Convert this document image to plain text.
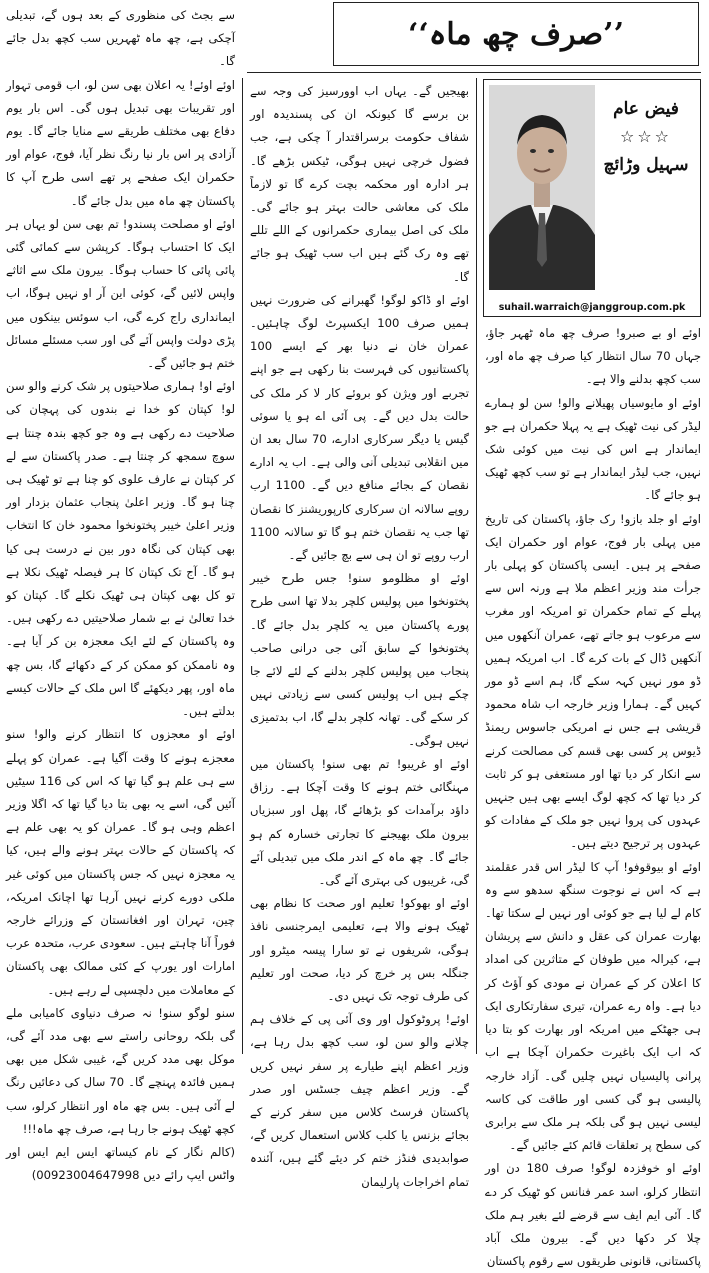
’’صرف چھ ماہ‘‘
فیض عام
☆☆☆
سہیل وڑائچ
suhail.warraich@janggroup.com.pk

اوئے او بے صبرو! صرف چھ ماہ ٹھہر جاؤ، جہاں 70 سال انتظار کیا صرف چھ ماہ اور، سب کچھ بدلنے والا ہے۔

اوئے او مایوسیاں پھیلانے والو! سن لو ہمارے لیڈر کی نیت ٹھیک ہے یہ پہلا حکمران ہے جو ایماندار ہے اس کی نیت میں کوئی شک نہیں، جب لیڈر ایماندار ہے تو سب کچھ ٹھیک ہو جائے گا۔

اوئے او جلد بازو! رک جاؤ، پاکستان کی تاریخ میں پہلی بار فوج، عوام اور حکمران ایک صفحے پر ہیں۔ ایسی پاکستان کو پہلی بار جرأت مند وزیر اعظم ملا ہے ورنہ اس سے پہلے کے تمام حکمران تو امریکہ اور مغرب سے مرعوب ہو جاتے تھے، عمران آنکھوں میں آنکھیں ڈال کے بات کرے گا۔ اب امریکہ ہمیں ڈو مور نہیں کہہ سکے گا، ہم اسے ڈو مور کہیں گے۔ ہمارا وزیر خارجہ اب شاہ محمود قریشی ہے جس نے امریکی جاسوس ریمنڈ ڈیوس پر کسی بھی قسم کی مصالحت کرنے سے انکار کر دیا تھا اور مستعفی ہو کر ثابت کر دیا تھا کہ کچھ لوگ ایسے بھی ہیں جنہیں عہدوں کی پروا نہیں جو ملک کے مفادات کو عہدوں پر ترجیح دیتے ہیں۔

اوئے او بیوقوفو! آپ کا لیڈر اس قدر عقلمند ہے کہ اس نے نوجوت سنگھ سدھو سے وہ کام لے لیا ہے جو کوئی اور نہیں لے سکتا تھا۔ بھارت عمران کی عقل و دانش سے پریشان ہے، کیرالہ میں طوفان کے متاثرین کی امداد کا اعلان کر کے عمران نے مودی کو آؤٹ کر دیا ہے۔ واہ رے عمران، تیری سفارتکاری ایک ہی جھٹکے میں امریکہ اور بھارت کو بتا دیا کہ اب ایک باغیرت حکمران آچکا ہے اب پرانی پالیسیاں نہیں چلیں گی۔ آزاد خارجہ پالیسی ہو گی کسی اور طاقت کی کاسہ لیسی نہیں ہو گی بلکہ ہر ملک سے برابری کی سطح پر تعلقات قائم کئے جائیں گے۔

اوئے او خوفزدہ لوگو! صرف 180 دن اور انتظار کرلو، اسد عمر فنانس کو ٹھیک کر دے گا۔ آئی ایم ایف سے قرضے لئے بغیر ہم ملک چلا کر دکھا دیں گے۔ بیرون ملک آباد پاکستانی، قانونی طریقوں سے رقوم پاکستان

بھیجیں گے۔ یہاں اب اوورسیز کی وجہ سے بن برسے گا کیونکہ ان کی پسندیدہ اور شفاف حکومت برسراقتدار آ چکی ہے، جب فضول خرچی نہیں ہوگی، ٹیکس بڑھے گا۔ ہر ادارہ اور محکمہ بچت کرے گا تو لازماً ملک کی معاشی حالت بہتر ہو جائے گی۔ ملک کی اصل بیماری حکمرانوں کے اللے تللے تھے وہ رک گئے ہیں اب سب ٹھیک ہو جائے گا۔

اوئے او ڈاکو لوگو! گھبرانے کی ضرورت نہیں ہمیں صرف 100 ایکسپرٹ لوگ چاہئیں۔ عمران خان نے دنیا بھر کے ایسے 100 پاکستانیوں کی فہرست بنا رکھی ہے جو اپنے تجربے اور ویژن کو بروئے کار لا کر ملک کی حالت بدل دیں گے۔ پی آئی اے ہو یا سوئی گیس یا دیگر سرکاری ادارے، 70 سال بعد ان میں انقلابی تبدیلی آنی والی ہے۔ اب یہ ادارے نقصان کے بجائے منافع دیں گے۔ 1100 ارب روپے سالانہ ان سرکاری کارپوریشنز کا نقصان تھا جب یہ نقصان ختم ہو گا تو سالانہ 1100 ارب روپے تو ان ہی سے بچ جائیں گے۔

اوئے او مظلومو سنو! جس طرح خیبر پختونخوا میں پولیس کلچر بدلا تھا اسی طرح پورے پاکستان میں یہ کلچر بدل جائے گا۔ پختونخوا کے سابق آئی جی درانی صاحب پنجاب میں پولیس کلچر بدلنے کے لئے لائے جا چکے ہیں اب پولیس کسی سے زیادتی نہیں کر سکے گی۔ تھانہ کلچر بدلے گا، اب بدتمیزی نہیں ہوگی۔

اوئے او غریبو! تم بھی سنو! پاکستان میں مہنگائی ختم ہونے کا وقت آچکا ہے۔ رزاق داؤد برآمدات کو بڑھائے گا، پھل اور سبزیاں بیرون ملک بھیجنے کا تجارتی خسارہ کم ہو جائے گا۔ چھ ماہ کے اندر ملک میں تبدیلی آئے گی، غریبوں کی بہتری آئے گی۔

اوئے او بھوکو! تعلیم اور صحت کا نظام بھی ٹھیک ہونے والا ہے، تعلیمی ایمرجنسی نافذ ہوگی، شریفوں نے تو سارا پیسہ میٹرو اور جنگلہ بس پر خرچ کر دیا، صحت اور تعلیم کی طرف توجہ تک نہیں دی۔

اوئے! پروٹوکول اور وی آئی پی کے خلاف ہم چلانے والو سن لو، سب کچھ بدل رہا ہے، وزیر اعظم اپنے طیارے پر سفر نہیں کریں گے۔ وزیر اعظم چیف جسٹس اور صدر پاکستان فرسٹ کلاس میں سفر کرنے کے بجائے بزنس یا کلب کلاس استعمال کریں گے، صوابدیدی فنڈز ختم کر دیئے گئے ہیں، آئندہ تمام اخراجات پارلیمان

سے بجٹ کی منظوری کے بعد ہوں گے، تبدیلی آچکی ہے، چھ ماہ ٹھہریں سب کچھ بدل جائے گا۔

اوئے اوئے! یہ اعلان بھی سن لو، اب قومی تہوار اور تقریبات بھی تبدیل ہوں گی۔ اس بار یوم دفاع بھی مختلف طریقے سے منایا جائے گا۔ یوم آزادی پر اس بار نیا رنگ نظر آیا، فوج، عوام اور حکمران ایک صفحے پر تھے اسی طرح آپ کا پاکستان چھ ماہ میں بدل جائے گا۔

اوئے او مصلحت پسندو! تم بھی سن لو یہاں ہر ایک کا احتساب ہوگا۔ کرپشن سے کمائی گئی پائی پائی کا حساب ہوگا۔ بیرون ملک سے اثاثے واپس لائیں گے، کوئی این آر او نہیں ہوگا، اب ایمانداری راج کرے گی، اب سوئس بینکوں میں پڑی دولت واپس آئے گی اور سب مسئلے مسائل ختم ہو جائیں گے۔

اوئے او! ہماری صلاحیتوں پر شک کرنے والو سن لو! کپتان کو خدا نے بندوں کی پہچان کی صلاحیت دے رکھی ہے وہ جو کچھ بندہ چنتا ہے سوچ سمجھ کر چنتا ہے۔ صدر پاکستان سے لے کر کپتان نے عارف علوی کو چنا ہے تو ٹھیک ہی چنا ہو گا۔ وزیر اعلیٰ پنجاب عثمان بزدار اور وزیر اعلیٰ خیبر پختونخوا محمود خان کا انتخاب بھی کپتان کی نگاہ دور بین نے درست ہی کیا ہو گا۔ آج تک کپتان کا ہر فیصلہ ٹھیک نکلا ہے تو کل بھی کپتان ہی ٹھیک نکلے گا۔ کپتان کو خدا تعالیٰ نے بے شمار صلاحیتیں دے رکھی ہیں۔ وہ پاکستان کے لئے ایک معجزہ بن کر آیا ہے۔ وہ ناممکن کو ممکن کر کے دکھائے گا، بس چھ ماہ اور، پھر دیکھئے گا اس ملک کے حالات کیسے بدلتے ہیں۔

اوئے او معجزوں کا انتظار کرنے والو! سنو معجزے ہونے کا وقت آگیا ہے۔ عمران کو پہلے سے ہی علم ہو گیا تھا کہ اس کی 116 سیٹیں آئیں گی، اسے یہ بھی بتا دیا گیا تھا کہ اگلا وزیر اعظم وہی ہو گا۔ عمران کو یہ بھی علم ہے کہ پاکستان کے حالات بہتر ہونے والے ہیں، کیا یہ معجزہ نہیں کہ جس پاکستان میں کوئی غیر ملکی دورے کرنے نہیں آرہا تھا اچانک امریکہ، چین، تہران اور افغانستان کے وزرائے خارجہ فوراً آنا چاہتے ہیں۔ سعودی عرب، متحدہ عرب امارات اور یورپ کے کئی ممالک بھی پاکستان کے معاملات میں دلچسپی لے رہے ہیں۔

سنو لوگو سنو! نہ صرف دنیاوی کامیابی ملے گی بلکہ روحانی راستے سے بھی مدد آئے گی، موکل بھی مدد کریں گے، غیبی شکل میں بھی ہمیں فائدہ پہنچے گا۔ 70 سال کی دعائیں رنگ لے آئی ہیں۔ بس چھ ماہ اور انتظار کرلو، سب کچھ ٹھیک ہونے جا رہا ہے، صرف چھ ماہ!!!

(کالم نگار کے نام کیساتھ ایس ایم ایس اور واٹس ایپ رائے دیں 00923004647998)
